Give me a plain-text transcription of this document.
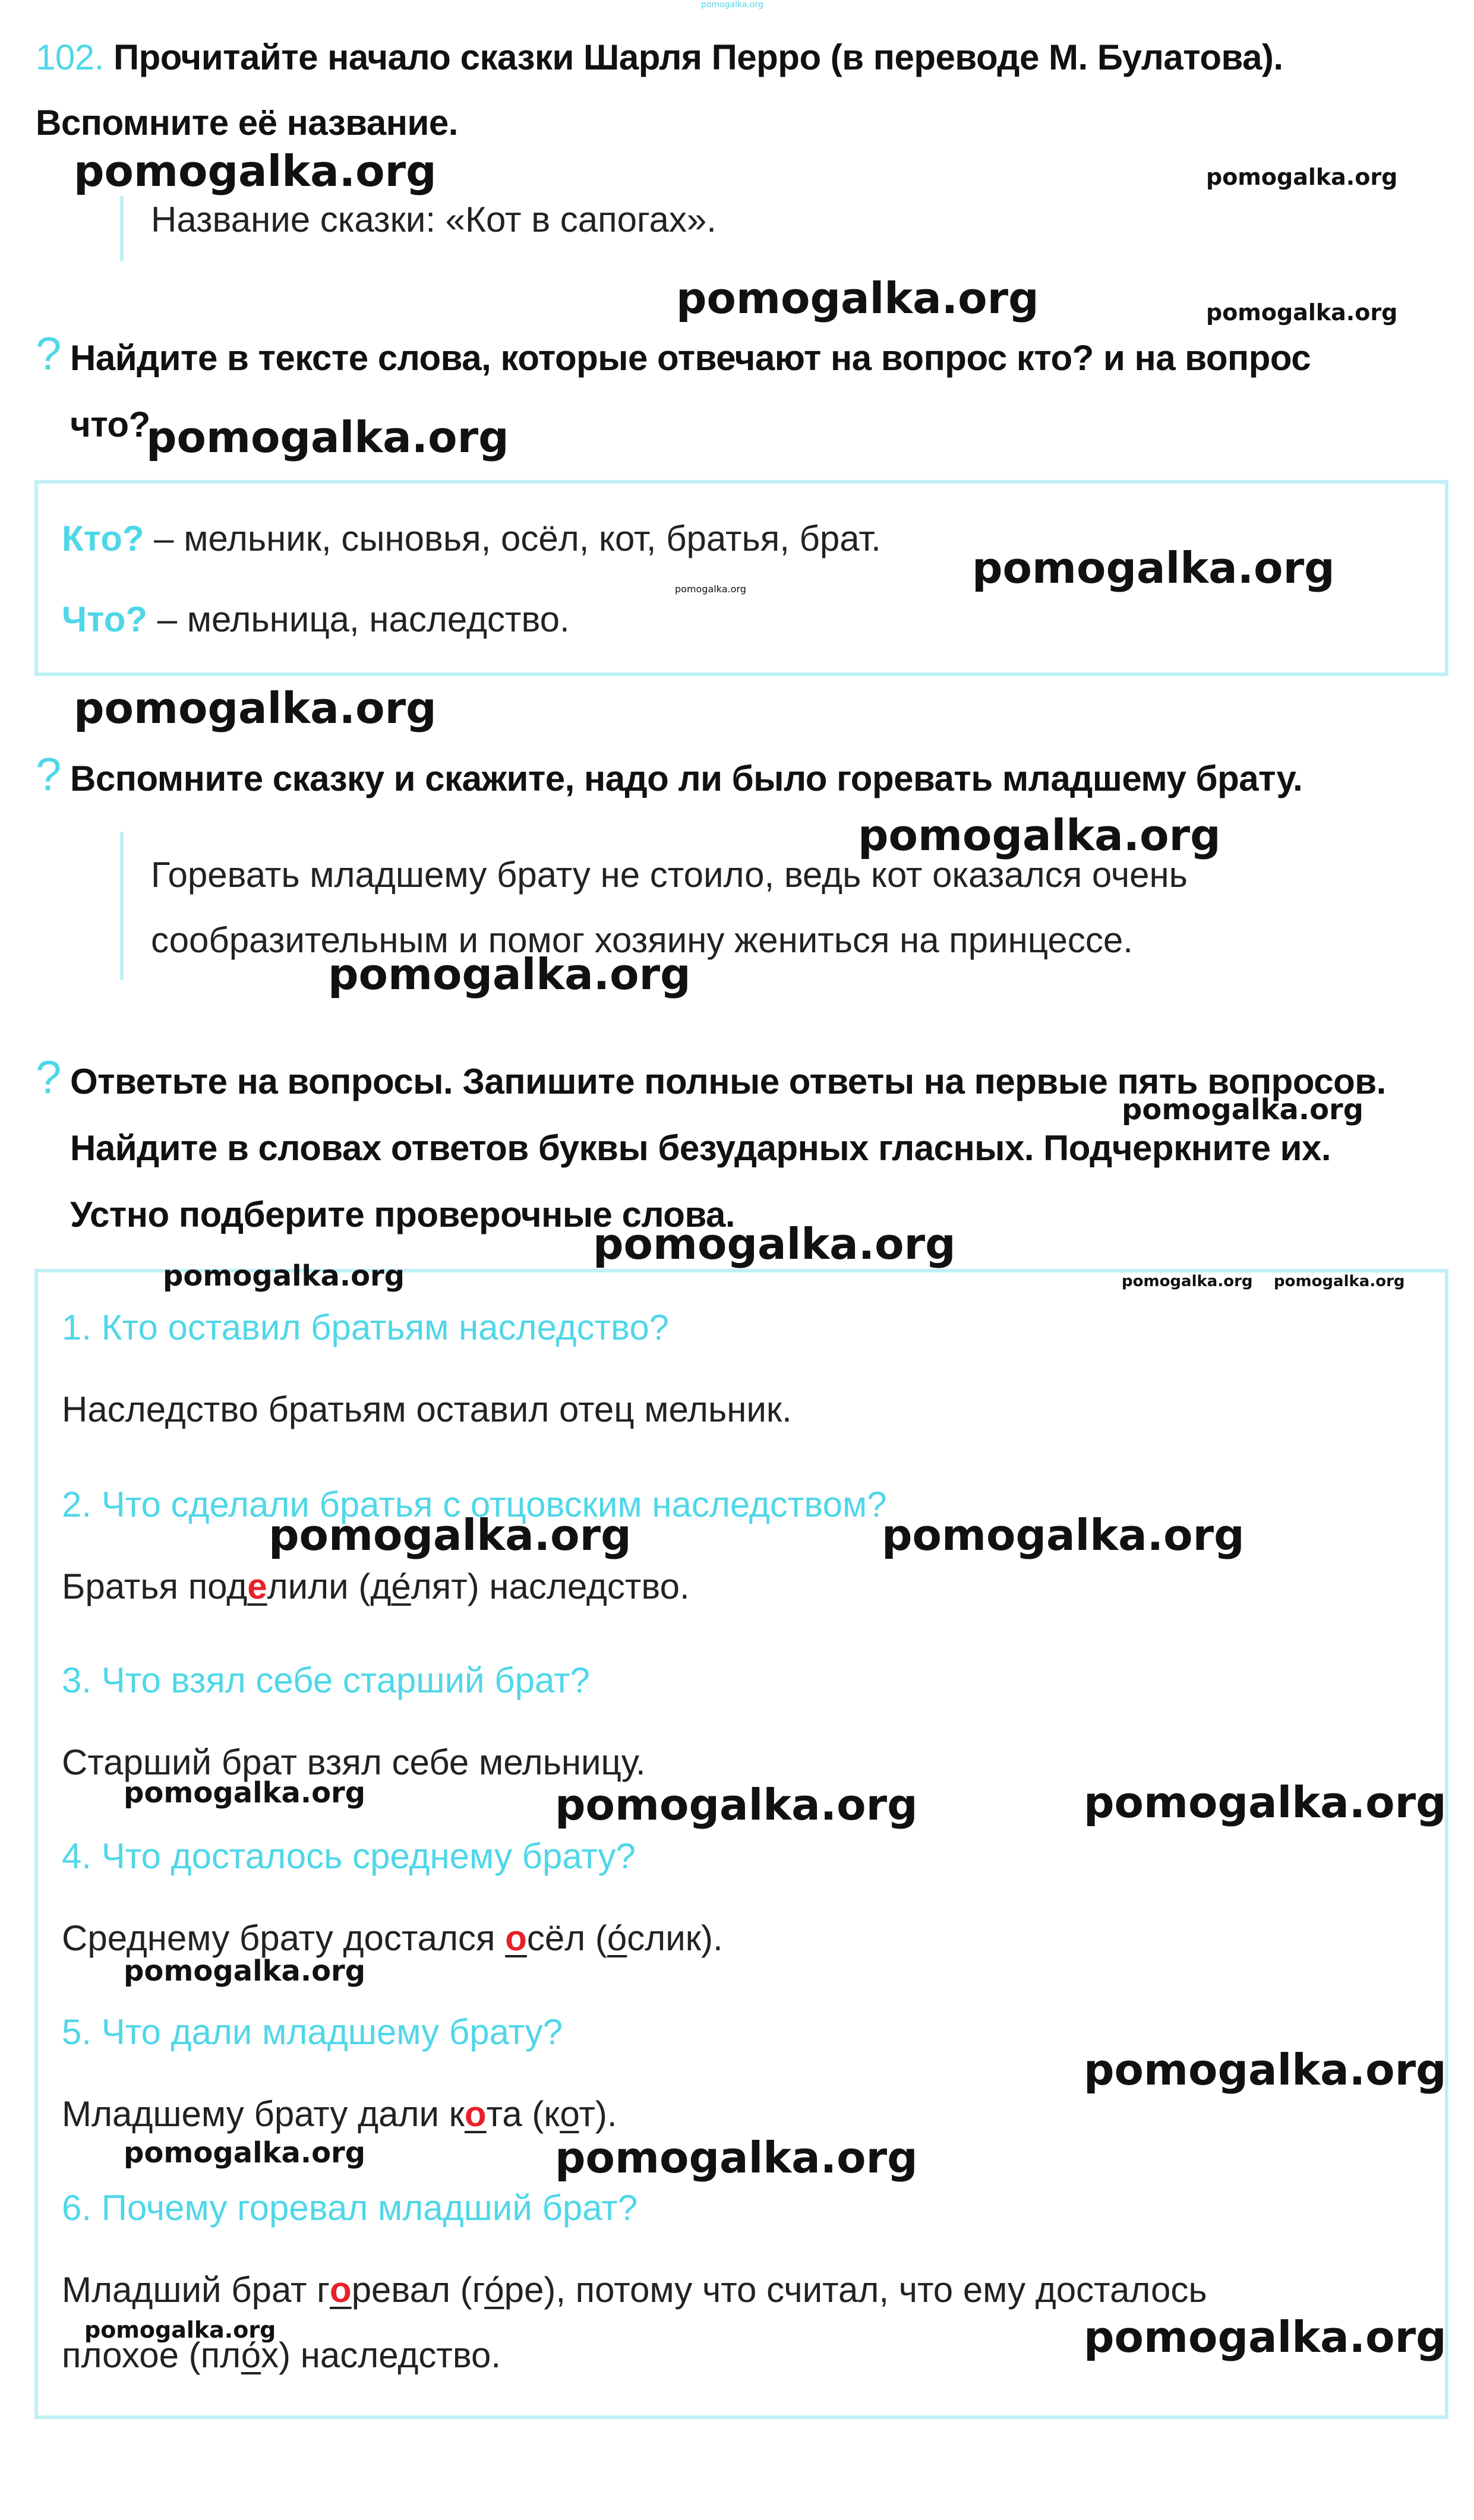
pomogalka.org
102. Прочитайте начало сказки Шарля Перро (в переводе М. Булатова).
Вспомните её название.
Название сказки: «Кот в сапогах».
? Найдите в тексте слова, которые отвечают на вопрос кто? и на вопрос
что?
Кто? – мельник, сыновья, осёл, кот, братья, брат.
Что? – мельница, наследство.
? Вспомните сказку и скажите, надо ли было горевать младшему брату.
Горевать младшему брату не стоило, ведь кот оказался очень
сообразительным и помог хозяину жениться на принцессе.
? Ответьте на вопросы. Запишите полные ответы на первые пять вопросов.
Найдите в словах ответов буквы безударных гласных. Подчеркните их.
Устно подберите проверочные слова.
1. Кто оставил братьям наследство?
Наследство братьям оставил отец мельник.
2. Что сделали братья с отцовским наследством?
Братья поделили (де́лят) наследство.
3. Что взял себе старший брат?
Старший брат взял себе мельницу.
4. Что досталось среднему брату?
Среднему брату достался осёл (о́слик).
5. Что дали младшему брату?
Младшему брату дали кота (кот).
6. Почему горевал младший брат?
Младший брат горевал (го́ре), потому что считал, что ему досталось
плохое (пло́х) наследство.
pomogalka.org	pomogalka.org
pomogalka.org	pomogalka.org
pomogalka.org
pomogalka.org
pomogalka.org
pomogalka.org
pomogalka.org
pomogalka.org
pomogalka.org
pomogalka.org
pomogalka.org	pomogalka.org pomogalka.org
pomogalka.org	pomogalka.org
pomogalka.org	pomogalka.org	pomogalka.org
pomogalka.org
pomogalka.org
pomogalka.org
pomogalka.org
pomogalka.org	pomogalka.org
